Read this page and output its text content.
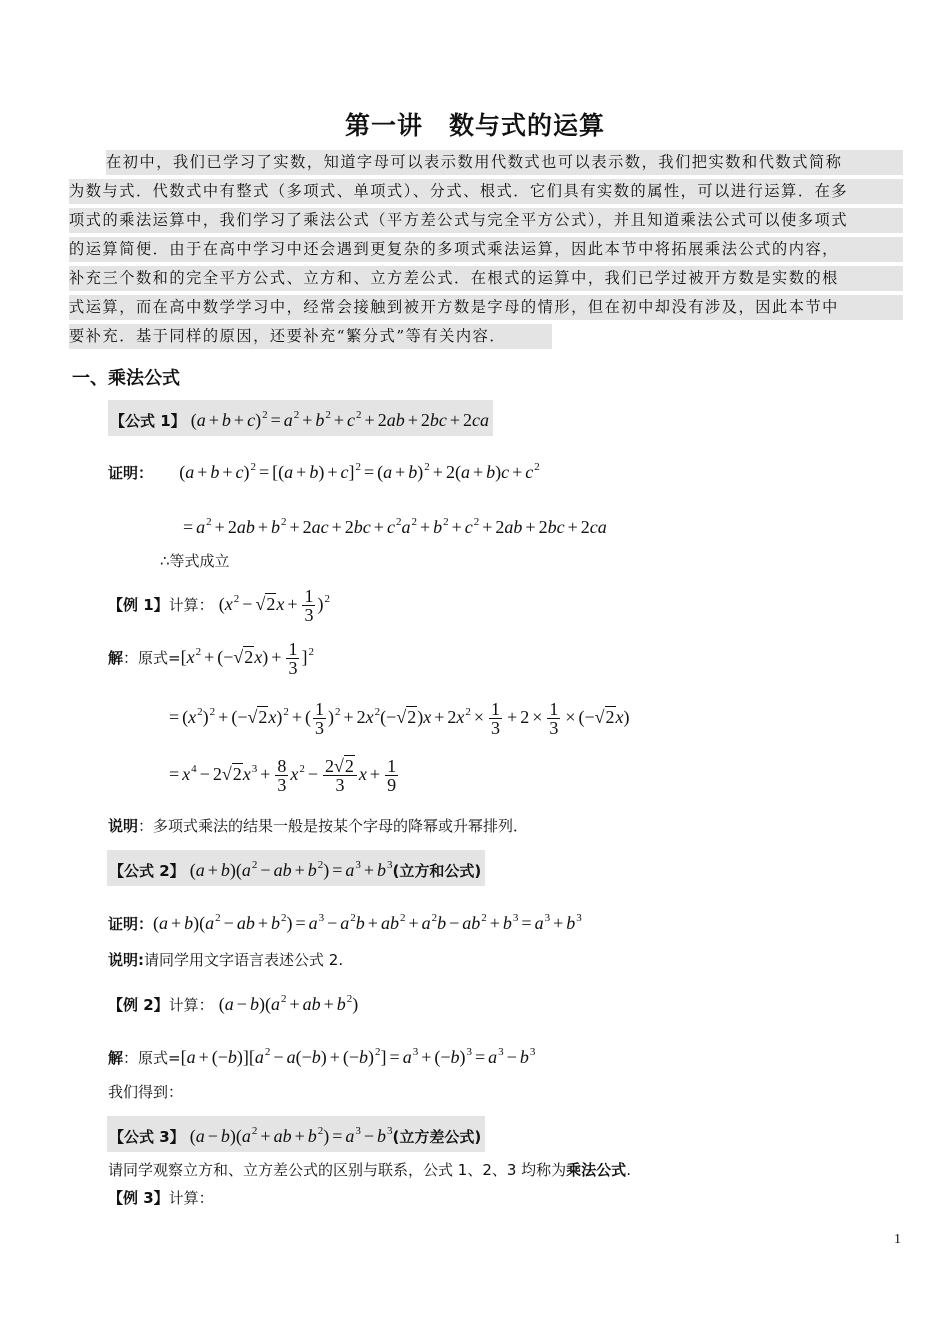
第一讲 数与式的运算
在初中，我们已学习了实数，知道字母可以表示数用代数式也可以表示数，我们把实数和代数式简称
为数与式．代数式中有整式（多项式、单项式）、分式、根式．它们具有实数的属性，可以进行运算．在多
项式的乘法运算中，我们学习了乘法公式（平方差公式与完全平方公式），并且知道乘法公式可以使多项式
的运算简便．由于在高中学习中还会遇到更复杂的多项式乘法运算，因此本节中将拓展乘法公式的内容，
补充三个数和的完全平方公式、立方和、立方差公式．在根式的运算中，我们已学过被开方数是实数的根
式运算，而在高中数学学习中，经常会接触到被开方数是字母的情形，但在初中却没有涉及，因此本节中
要补充．基于同样的原因，还要补充“繁分式”等有关内容．
一、乘法公式
【公式 1】 $(a + b + c)^2 = a^2 + b^2 + c^2 + 2ab + 2bc + 2ca$
证明： $(a + b + c)^2 = [(a + b) + c]^2 = (a + b)^2 + 2(a + b)c + c^2$
= $a^2 + 2ab + b^2 + 2ac + 2bc + c^2a^2 + b^2 + c^2 + 2ab + 2bc + 2ca$
∴等式成立
【例 1】计算： $(x^2 - √2x + \frac{1}{3} )^2$
解：原式$=[x^2 + (-√2x) + \frac{1}{3} ]^2$
= $(x^2)^2 + (-√2x)^2$ + ( $\frac{1}{3} )^2 + 2x^2(-√2)x + 2x^2 \times \frac{1}{3} + 2 \times \frac{1}{3} \times (-√2x)$
= $x^4 - 2√2x^3 + \frac{8}{3} x^2 - \frac{2√2}{3}$ $x + \frac{1}{9}$
说明：多项式乘法的结果一般是按某个字母的降幂或升幂排列．
【公式 2】 $(a + b)(a^2$ − ab + $b^2) = a^3 + b^3$(立方和公式)
证明：$(a + b)(a^2$ − ab + $b^2) = a^3 - a^2b + ab^2 + a^2b - ab^2 + b^3 = a^3 + b^3$
说明:请同学用文字语言表述公式 2.
【例 2】计算： $(a - b)(a^2$ + ab + $b^2$)
解：原式$=[a + (-b)][a^2 - a(-b) + (-b)^2] = a^3 + (-b)^3 = a^3 - b^3$
我们得到：
【公式 3】 $(a - b)(a^2$ + ab + $b^2) = a^3 - b^3$(立方差公式)
请同学观察立方和、立方差公式的区别与联系，公式 1、2、3 均称为乘法公式.
【例 3】计算：
1
